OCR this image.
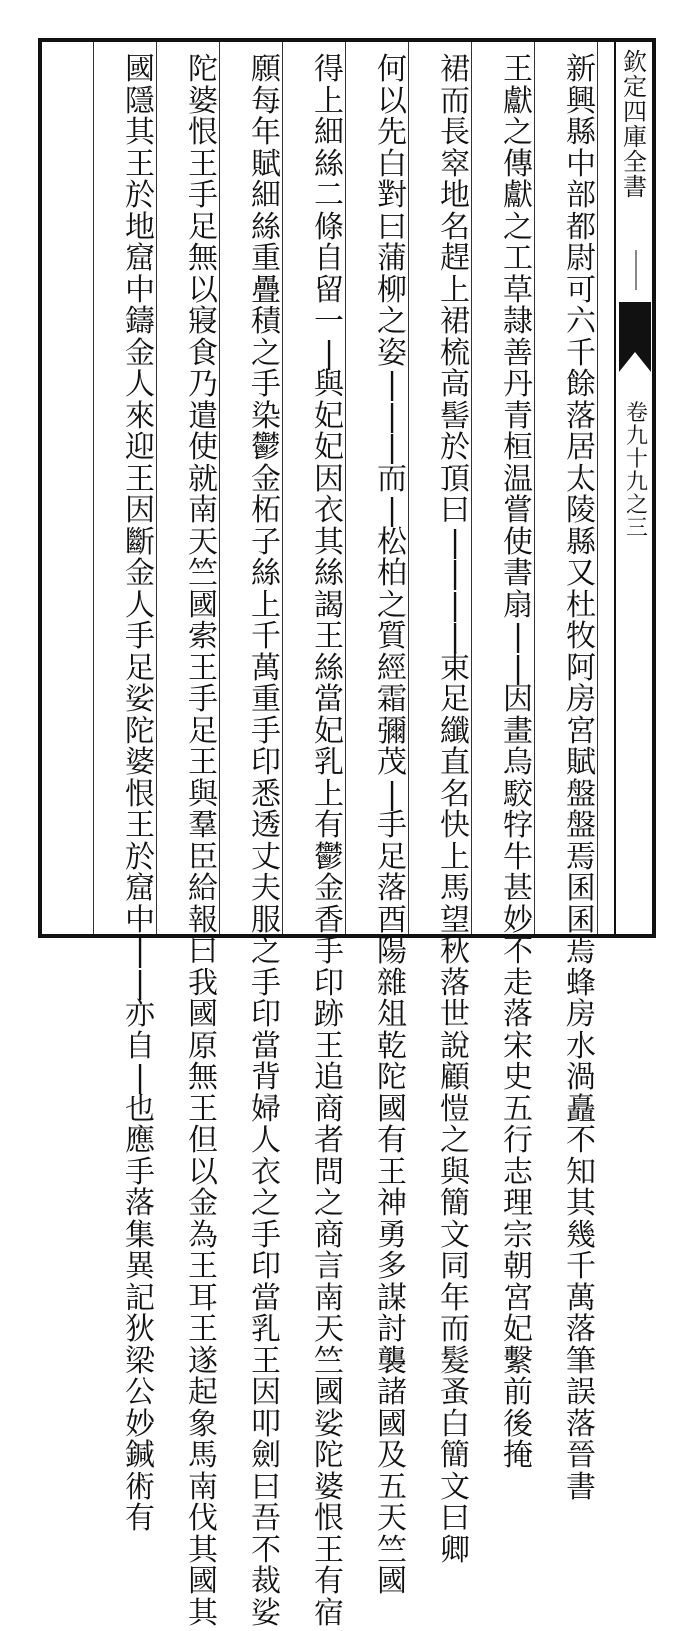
欽
定
四
庫
全
書
卷
九
十
九
之
三
新
興
縣
中
部
都
尉
可
六
千
餘
落
居
太
陵
縣
又
杜
牧
阿
房
宮
賦
盤
盤
焉
囷
囷
焉
蜂
房
水
渦
矗
不
知
其
幾
千
萬
落
筆
誤
落
晉
書
王
獻
之
傳
獻
之
工
草
隷
善
丹
青
桓
温
嘗
使
書
扇
|
|
因
畫
烏
駮
牸
牛
甚
妙
不
走
落
宋
史
五
行
志
理
宗
朝
宮
妃
繫
前
後
掩
裙
而
長
窣
地
名
趕
上
裙
梳
高
髻
於
頂
曰
|
|
|
|
束
足
纖
直
名
快
上
馬
望
秋
落
世
說
顧
愷
之
與
簡
文
同
年
而
髮
蚤
白
簡
文
曰
卿
何
以
先
白
對
曰
蒲
柳
之
姿
|
|
|
而
|
松
柏
之
質
經
霜
彌
茂
|
手
足
落
酉
陽
雜
俎
乾
陀
國
有
王
神
勇
多
謀
討
襲
諸
國
及
五
天
竺
國
得
上
細
絲
二
條
自
留
一
|
與
妃
妃
因
衣
其
絲
謁
王
絲
當
妃
乳
上
有
鬱
金
香
手
印
跡
王
追
商
者
問
之
商
言
南
天
竺
國
娑
陀
婆
恨
王
有
宿
願
每
年
賦
細
絲
重
疊
積
之
手
染
鬱
金
柘
子
絲
上
千
萬
重
手
印
悉
透
丈
夫
服
之
手
印
當
背
婦
人
衣
之
手
印
當
乳
王
因
叩
劍
曰
吾
不
裁
娑
陀
婆
恨
王
手
足
無
以
寢
食
乃
遣
使
就
南
天
竺
國
索
王
手
足
王
與
羣
臣
給
報
曰
我
國
原
無
王
但
以
金
為
王
耳
王
遂
起
象
馬
南
伐
其
國
其
國
隱
其
王
於
地
窟
中
鑄
金
人
來
迎
王
因
斷
金
人
手
足
娑
陀
婆
恨
王
於
窟
中
|
|
亦
自
|
也
應
手
落
集
異
記
狄
梁
公
妙
鍼
術
有
